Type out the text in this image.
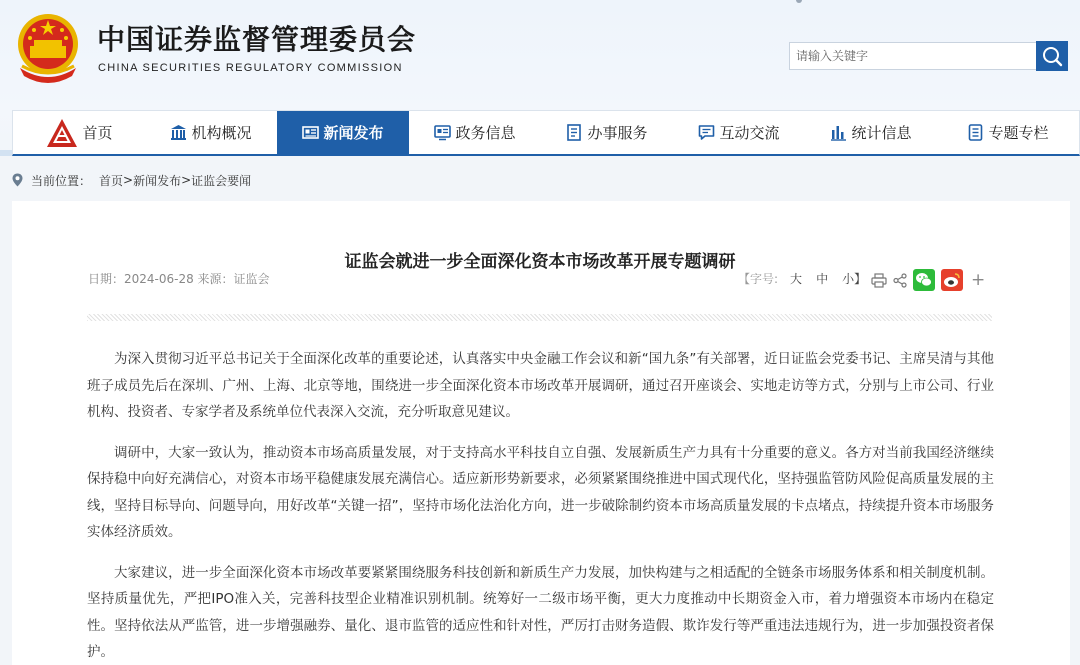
中国证券监督管理委员会
CHINA SECURITIES REGULATORY COMMISSION
请输入关键字
首页	机构概况	新闻发布	政务信息	办事服务	互动交流	统计信息	专题专栏
当前位置： 首页 > 新闻发布 > 证监会要闻
证监会就进一步全面深化资本市场改革开展专题调研
日期：2024-06-28 来源：证监会	【字号: 大 中 小】	+

为深入贯彻习近平总书记关于全面深化改革的重要论述，认真落实中央金融工作会议和新“国九条”有关部署，近日证监会党委书记、主席吴清与其他班子成员先后在深圳、广州、上海、北京等地，围绕进一步全面深化资本市场改革开展调研，通过召开座谈会、实地走访等方式，分别与上市公司、行业机构、投资者、专家学者及系统单位代表深入交流，充分听取意见建议。

调研中，大家一致认为，推动资本市场高质量发展，对于支持高水平科技自立自强、发展新质生产力具有十分重要的意义。各方对当前我国经济继续保持稳中向好充满信心，对资本市场平稳健康发展充满信心。适应新形势新要求，必须紧紧围绕推进中国式现代化，坚持强监管防风险促高质量发展的主线，坚持目标导向、问题导向，用好改革“关键一招”，坚持市场化法治化方向，进一步破除制约资本市场高质量发展的卡点堵点，持续提升资本市场服务实体经济质效。

大家建议，进一步全面深化资本市场改革要紧紧围绕服务科技创新和新质生产力发展，加快构建与之相适配的全链条市场服务体系和相关制度机制。坚持质量优先，严把IPO准入关，完善科技型企业精准识别机制。统筹好一二级市场平衡，更大力度推动中长期资金入市，着力增强资本市场内在稳定性。坚持依法从严监管，进一步增强融券、量化、退市监管的适应性和针对性，严厉打击财务造假、欺诈发行等严重违法违规行为，进一步加强投资者保护。
